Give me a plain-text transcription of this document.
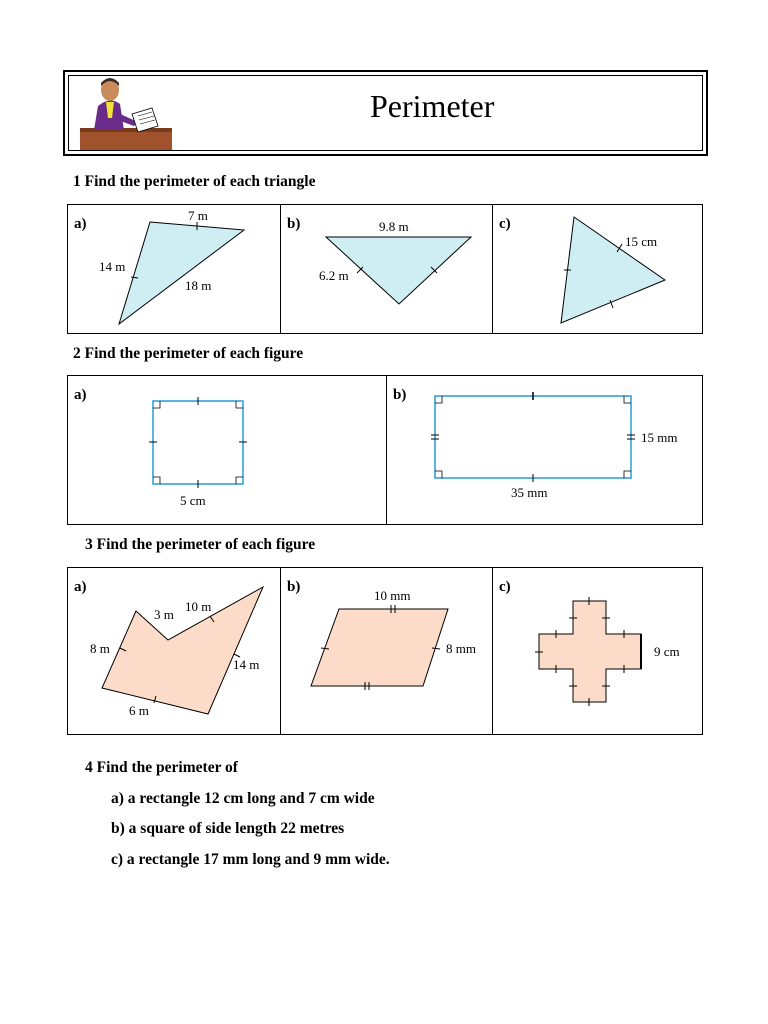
Perimeter
1 Find the perimeter of each triangle
a)
7 m
14 m
18 m
b)	9.8 m
6.2 m
c)
15 cm
2 Find the perimeter of each figure
a)
5 cm
b)
35 mm
15 mm
3 Find the perimeter of each figure
a)
3 m
10 m
8 m
14 m
6 m
b)
10 mm
8 mm
c)
9 cm
4 Find the perimeter of
a) a rectangle 12 cm long and 7 cm wide
b) a square of side length 22 metres
c) a rectangle 17 mm long and 9 mm wide.
